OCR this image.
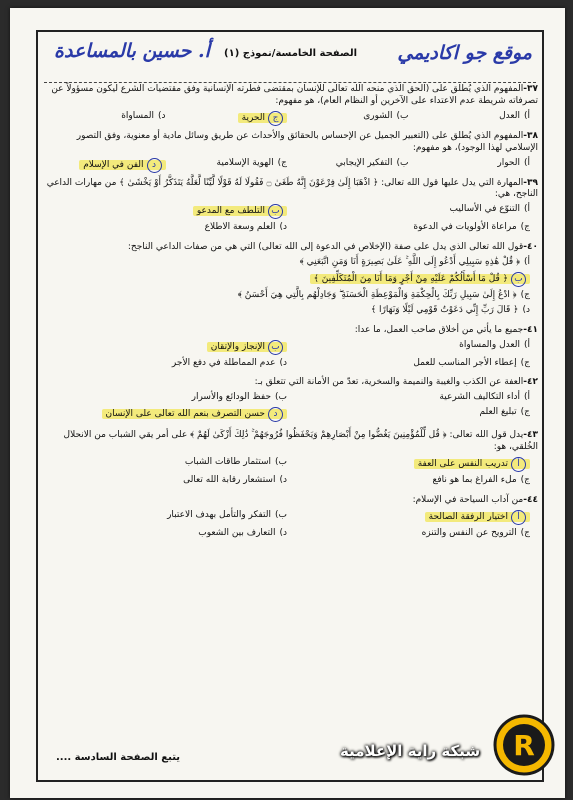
موقع جو اكاديمي
الصفحة الخامسة/نموذج (١)
أ. حسين بالمساعدة
٣٧-المفهوم الذي يُطلق على (الحق الذي منحه الله تعالى للإنسان بمقتضى فطرته الإنسانية وفق مقتضيات الشرع ليكون مسؤولاً عن تصرفاته شريطة عدم الاعتداء على الآخرين أو النظام العام)، هو مفهوم:
أ)العدل
ب)الشورى
جالحرية
د)المساواة
٣٨-المفهوم الذي يُطلق على (التعبير الجميل عن الإحساس بالحقائق والأحداث عن طريق وسائل مادية أو معنوية، وفق التصور الإسلامي لهذا الوجود)، هو مفهوم:
أ)الحوار
ب)التفكير الإيجابي
ج)الهوية الإسلامية
دالفن في الإسلام
٣٩-المهارة التي يدل عليها قول الله تعالى: ﴿ اذْهَبَا إِلَىٰ فِرْعَوْنَ إِنَّهُ طَغَىٰ ۝ فَقُولَا لَهُ قَوْلًا لَّيِّنًا لَّعَلَّهُ يَتَذَكَّرُ أَوْ يَخْشَىٰ ﴾ من مهارات الداعي الناجح، هي:
أ)التنوّع في الأساليب
بالتلطف مع المدعو
ج)مراعاة الأولويات في الدعوة
د)العلم وسعة الاطلاع
٤٠-قول الله تعالى الذي يدل على صفة (الإخلاص في الدعوة إلى الله تعالى) التي هي من صفات الداعي الناجح:
أ)﴿ قُلْ هَٰذِهِ سَبِيلِي أَدْعُو إِلَى اللَّهِ ۚ عَلَىٰ بَصِيرَةٍ أَنَا وَمَنِ اتَّبَعَنِي ﴾
ب﴿ قُلْ مَا أَسْأَلُكُمْ عَلَيْهِ مِنْ أَجْرٍ وَمَا أَنَا مِنَ الْمُتَكَلِّفِينَ ﴾
ج)﴿ ادْعُ إِلَىٰ سَبِيلِ رَبِّكَ بِالْحِكْمَةِ وَالْمَوْعِظَةِ الْحَسَنَةِ ۖ وَجَادِلْهُم بِالَّتِي هِيَ أَحْسَنُ ﴾
د)﴿ قَالَ رَبِّ إِنِّي دَعَوْتُ قَوْمِي لَيْلًا وَنَهَارًا ﴾
٤١-جميع ما يأتي من أخلاق صاحب العمل، ما عدا:
أ)العدل والمساواة
بالإنجاز والإتقان
ج)إعطاء الأجر المناسب للعمل
د)عدم المماطلة في دفع الأجر
٤٢-العفة عن الكذب والغيبة والنميمة والسخرية، تعدّ من الأمانة التي تتعلق بـ:
أ)أداء التكاليف الشرعية
ب)حفظ الودائع والأسرار
ج)تبليغ العلم
دحسن التصرف بنعم الله تعالى على الإنسان
٤٣-يدل قول الله تعالى: ﴿ قُل لِّلْمُؤْمِنِينَ يَغُضُّوا مِنْ أَبْصَارِهِمْ وَيَحْفَظُوا فُرُوجَهُمْ ۚ ذَٰلِكَ أَزْكَىٰ لَهُمْ ﴾ على أمر يقي الشباب من الانحلال الخُلقي، هو:
أتدريب النفس على العفة
ب)استثمار طاقات الشباب
ج)ملء الفراغ بما هو نافع
د)استشعار رقابة الله تعالى
٤٤-من آداب السياحة في الإسلام:
أاختيار الرفقة الصالحة
ب)التفكر والتأمل بهدف الاعتبار
ج)الترويح عن النفس والتنزه
د)التعارف بين الشعوب
يتبع الصفحة السادسة ....	شبكة راية الإعلامية R
